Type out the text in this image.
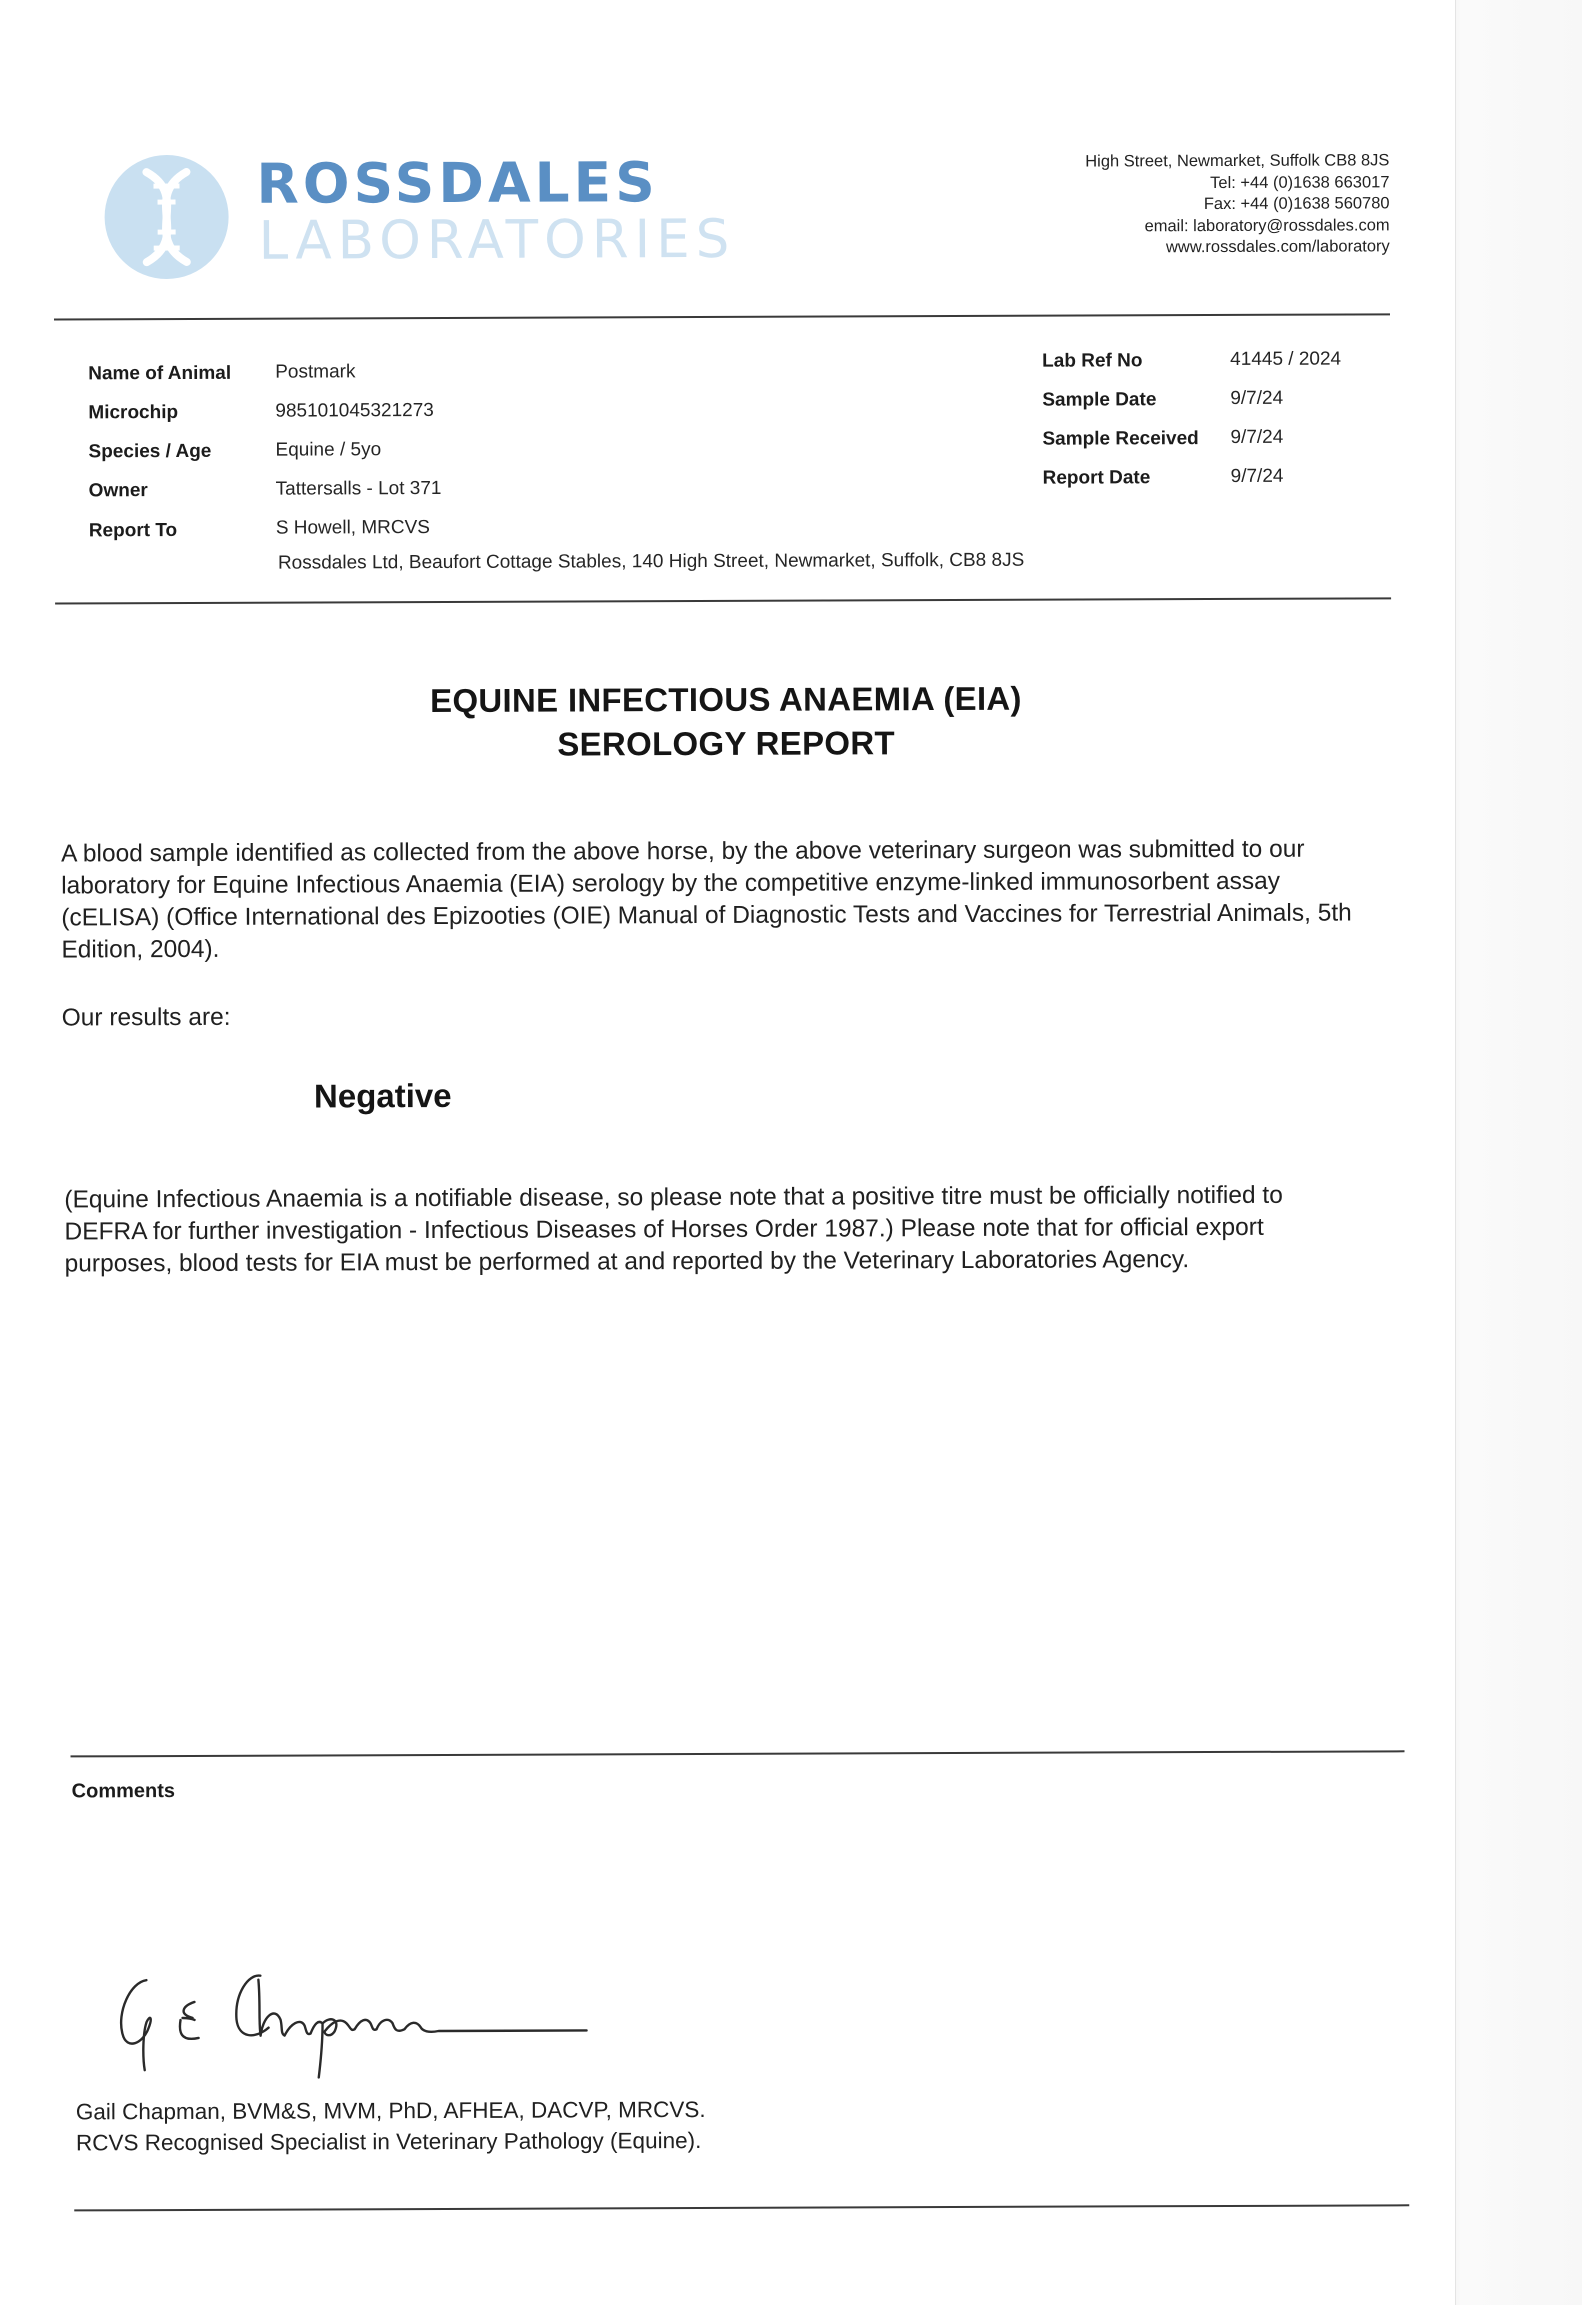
ROSSDALES
LABORATORIES
High Street, Newmarket, Suffolk CB8 8JS
Tel: +44 (0)1638 663017
Fax: +44 (0)1638 560780
email: laboratory@rossdales.com
www.rossdales.com/laboratory
Name of Animal Postmark
Microchip	985101045321273
Species / Age	Equine / 5yo
Owner	Tattersalls - Lot 371
Report To	S Howell, MRCVS
Rossdales Ltd, Beaufort Cottage Stables, 140 High Street, Newmarket, Suffolk, CB8 8JS
Lab Ref No	41445 / 2024
Sample Date	9/7/24
Sample Received 9/7/24
Report Date	9/7/24
EQUINE INFECTIOUS ANAEMIA (EIA)
SEROLOGY REPORT
A blood sample identified as collected from the above horse, by the above veterinary surgeon was submitted to our
laboratory for Equine Infectious Anaemia (EIA) serology by the competitive enzyme-linked immunosorbent assay
(cELISA) (Office International des Epizooties (OIE) Manual of Diagnostic Tests and Vaccines for Terrestrial Animals, 5th
Edition, 2004).
Our results are:
Negative
(Equine Infectious Anaemia is a notifiable disease, so please note that a positive titre must be officially notified to
DEFRA for further investigation - Infectious Diseases of Horses Order 1987.) Please note that for official export
purposes, blood tests for EIA must be performed at and reported by the Veterinary Laboratories Agency.
Comments
Gail Chapman, BVM&S, MVM, PhD, AFHEA, DACVP, MRCVS.
RCVS Recognised Specialist in Veterinary Pathology (Equine).
